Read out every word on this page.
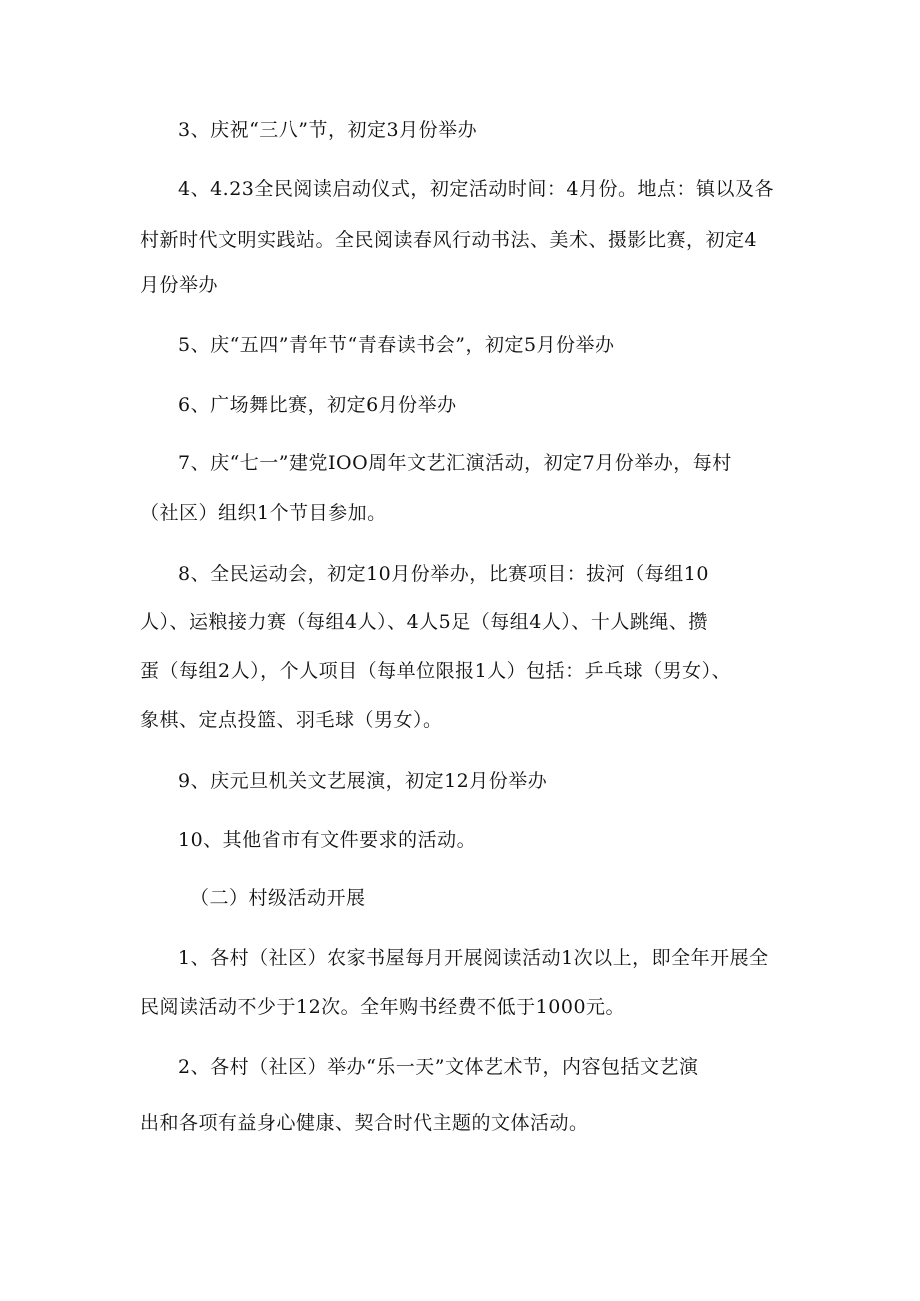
3、庆祝“三八”节，初定3月份举办
4、4.23全民阅读启动仪式，初定活动时间：4月份。地点：镇以及各
村新时代文明实践站。全民阅读春风行动书法、美术、摄影比赛，初定4
月份举办
5、庆“五四”青年节“青春读书会”，初定5月份举办
6、广场舞比赛，初定6月份举办
7、庆“七一”建党IOO周年文艺汇演活动，初定7月份举办，每村
（社区）组织1个节目参加。
8、全民运动会，初定10月份举办，比赛项目：拔河（每组10
人）、运粮接力赛（每组4人）、4人5足（每组4人）、十人跳绳、攒
蛋（每组2人），个人项目（每单位限报1人）包括：乒乓球（男女）、
象棋、定点投篮、羽毛球（男女）。
9、庆元旦机关文艺展演，初定12月份举办
10、其他省市有文件要求的活动。
（二）村级活动开展
1、各村（社区）农家书屋每月开展阅读活动1次以上，即全年开展全
民阅读活动不少于12次。全年购书经费不低于1000元。
2、各村（社区）举办“乐一天”文体艺术节，内容包括文艺演
出和各项有益身心健康、契合时代主题的文体活动。
